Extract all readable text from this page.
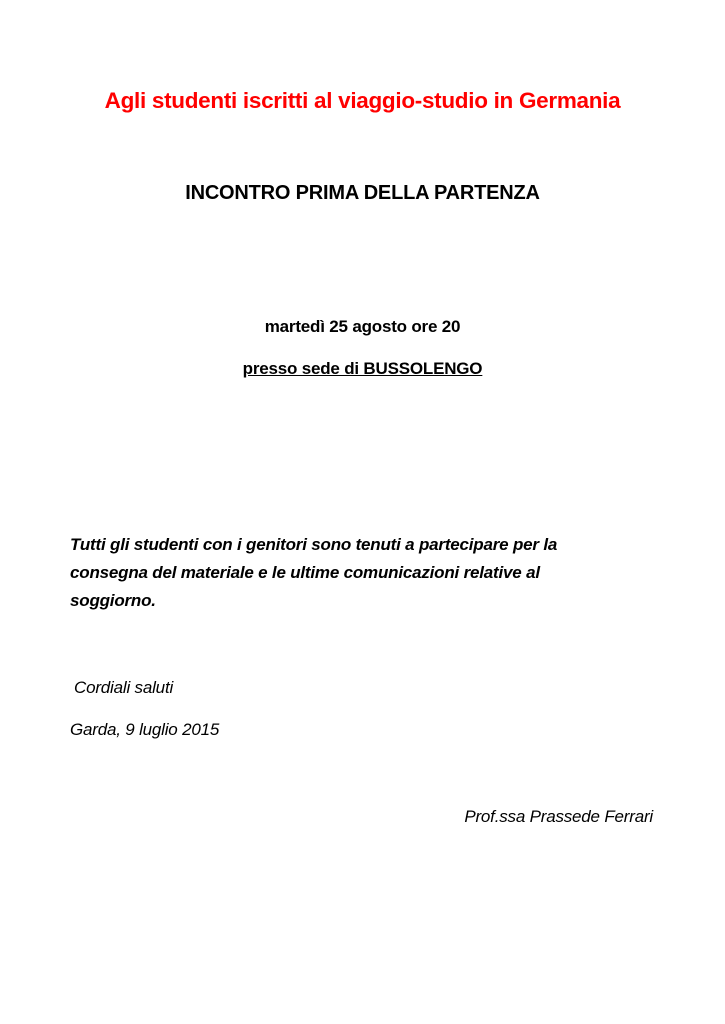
Agli studenti iscritti al viaggio-studio in Germania

INCONTRO PRIMA DELLA PARTENZA

martedì 25 agosto ore 20

presso sede di BUSSOLENGO

Tutti gli studenti con i genitori sono tenuti a partecipare per la
consegna del materiale e le ultime comunicazioni relative al
soggiorno.

Cordiali saluti

Garda, 9 luglio 2015

Prof.ssa Prassede Ferrari
